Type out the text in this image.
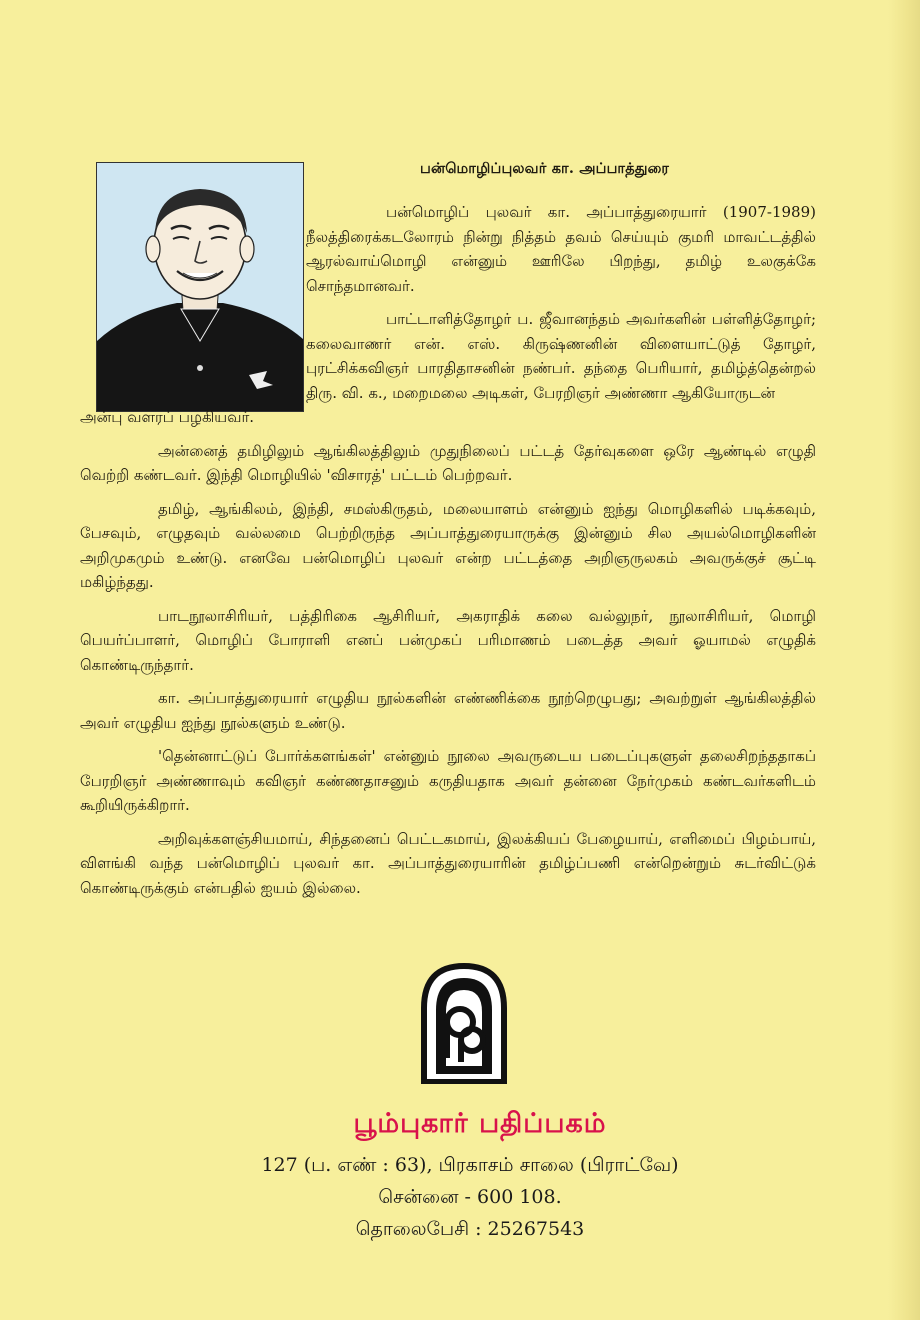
பன்மொழிப்புலவர் கா. அப்பாத்துரை

பன்மொழிப் புலவர் கா. அப்பாத்துரையார் (1907-1989) நீலத்திரைக்கடலோரம் நின்று நித்தம் தவம் செய்யும் குமரி மாவட்டத்தில் ஆரல்வாய்மொழி என்னும் ஊரிலே பிறந்து, தமிழ் உலகுக்கே சொந்தமானவர்.

பாட்டாளித்தோழர் ப. ஜீவானந்தம் அவர்களின் பள்ளித்தோழர்; கலைவாணர் என். எஸ். கிருஷ்ணனின் விளையாட்டுத் தோழர், புரட்சிக்கவிஞர் பாரதிதாசனின் நண்பர். தந்தை பெரியார், தமிழ்த்தென்றல் திரு. வி. க., மறைமலை அடிகள், பேரறிஞர் அண்ணா ஆகியோருடன்

அன்பு வளரப் பழகியவர்.

அன்னைத் தமிழிலும் ஆங்கிலத்திலும் முதுநிலைப் பட்டத் தேர்வுகளை ஒரே ஆண்டில் எழுதி வெற்றி கண்டவர். இந்தி மொழியில் 'விசாரத்' பட்டம் பெற்றவர்.

தமிழ், ஆங்கிலம், இந்தி, சமஸ்கிருதம், மலையாளம் என்னும் ஐந்து மொழிகளில் படிக்கவும், பேசவும், எழுதவும் வல்லமை பெற்றிருந்த அப்பாத்துரையாருக்கு இன்னும் சில அயல்மொழிகளின் அறிமுகமும் உண்டு. எனவே பன்மொழிப் புலவர் என்ற பட்டத்தை அறிஞருலகம் அவருக்குச் சூட்டி மகிழ்ந்தது.

பாடநூலாசிரியர், பத்திரிகை ஆசிரியர், அகராதிக் கலை வல்லுநர், நூலாசிரியர், மொழி பெயர்ப்பாளர், மொழிப் போராளி எனப் பன்முகப் பரிமாணம் படைத்த அவர் ஓயாமல் எழுதிக் கொண்டிருந்தார்.

கா. அப்பாத்துரையார் எழுதிய நூல்களின் எண்ணிக்கை நூற்றெழுபது; அவற்றுள் ஆங்கிலத்தில் அவர் எழுதிய ஐந்து நூல்களும் உண்டு.

'தென்னாட்டுப் போர்க்களங்கள்' என்னும் நூலை அவருடைய படைப்புகளுள் தலைசிறந்ததாகப் பேரறிஞர் அண்ணாவும் கவிஞர் கண்ணதாசனும் கருதியதாக அவர் தன்னை நேர்முகம் கண்டவர்களிடம் கூறியிருக்கிறார்.

அறிவுக்களஞ்சியமாய், சிந்தனைப் பெட்டகமாய், இலக்கியப் பேழையாய், எளிமைப் பிழம்பாய், விளங்கி வந்த பன்மொழிப் புலவர் கா. அப்பாத்துரையாரின் தமிழ்ப்பணி என்றென்றும் சுடர்விட்டுக் கொண்டிருக்கும் என்பதில் ஐயம் இல்லை.

பூம்புகார் பதிப்பகம்
127 (ப. எண் : 63), பிரகாசம் சாலை (பிராட்வே)
சென்னை - 600 108.
தொலைபேசி : 25267543
